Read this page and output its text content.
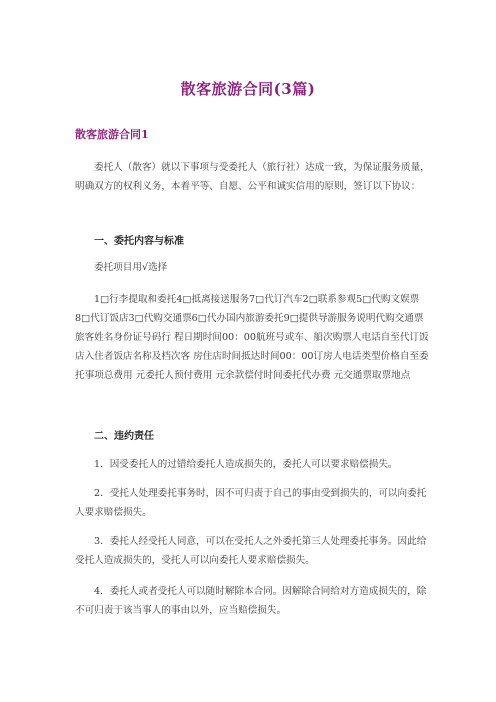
散客旅游合同(3篇)
散客旅游合同1

委托人（散客）就以下事项与受委托人（旅行社）达成一致，为保证服务质量，明确双方的权利义务，本着平等、自愿、公平和诚实信用的原则，签订以下协议：

一、委托内容与标准

委托项目用√选择

1□行李提取和委托4□抵离接送服务7□代订汽车2□联系参观5□代购文娱票8□代订饭店3□代购交通票6□代办国内旅游委托9□提供导游服务说明代购交通票旅客姓名身份证号码行 程日期时间00：00航班号或车、船次购票人电话自至代订饭店入住者饭店名称及档次客 房住店时间抵达时间00：00订房人电话类型价格自至委托事项总费用 元委托人预付费用 元余款偿付时间委托代办费 元交通票取票地点

二、违约责任

1．因受委托人的过错给委托人造成损失的，委托人可以要求赔偿损失。

2．受托人处理委托事务时，因不可归责于自己的事由受到损失的，可以向委托人要求赔偿损失。

3．委托人经受托人同意，可以在受托人之外委托第三人处理委托事务。因此给受托人造成损失的，受托人可以向委托人要求赔偿损失。

4．委托人或者受托人可以随时解除本合同。因解除合同给对方造成损失的，除不可归责于该当事人的事由以外，应当赔偿损失。
